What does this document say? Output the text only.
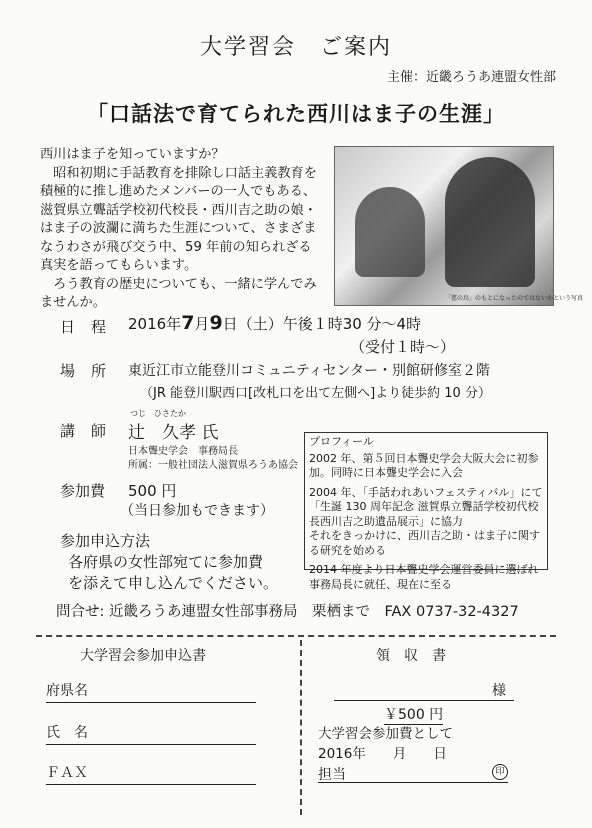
大学習会　ご案内
主催：近畿ろうあ連盟女性部
「口話法で育てられた西川はま子の生涯」

西川はま子を知っていますか？

　昭和初期に手話教育を排除し口話主義教育を

積極的に推し進めたメンバーの一人でもある、

滋賀県立聾話学校初代校長・西川吉之助の娘・

はま子の波瀾に満ちた生涯について、さまざま

なうわさが飛び交う中、59 年前の知られざる

真実を語ってもらいます。

　ろう教育の歴史についても、一緒に学んでみ

ませんか。	「慈の鳥」のもとになったのではないかという写真
日程 2016年7月9日（土）午後１時30 分～4時
（受付１時～）
場所 東近江市立能登川コミュニティセンター・別館研修室２階
（JR 能登川駅西口[改札口を出て左側へ]より徒歩約 10 分）
講師
つじ　ひさたか
辻　久孝 氏
日本聾史学会　事務局長
所属：一般社団法人滋賀県ろうあ協会
参加費 500 円
（当日参加もできます）
参加申込方法
各府県の女性部宛てに参加費
を添えて申し込んでください。
プロフィール
2002 年、第５回日本聾史学会大阪大会に初参加。同時に日本聾史学会に入会
2004 年、「手話われあいフェスティバル」にて「生誕 130 周年記念 滋賀県立聾話学校初代校長西川吉之助遺品展示」に協力
それをきっかけに、西川吉之助・はま子に関する研究を始める
2014 年度より日本聾史学会運営委員に選ばれ事務局長に就任、現在に至る
問合せ: 近畿ろうあ連盟女性部事務局　栗栖まで　FAX 0737-32-4327
大学習会参加申込書
府県名
氏　名
ＦＡＸ
領　収　書
様
￥500 円
大学習会参加費として
2016年　　月　　日
担当	印
